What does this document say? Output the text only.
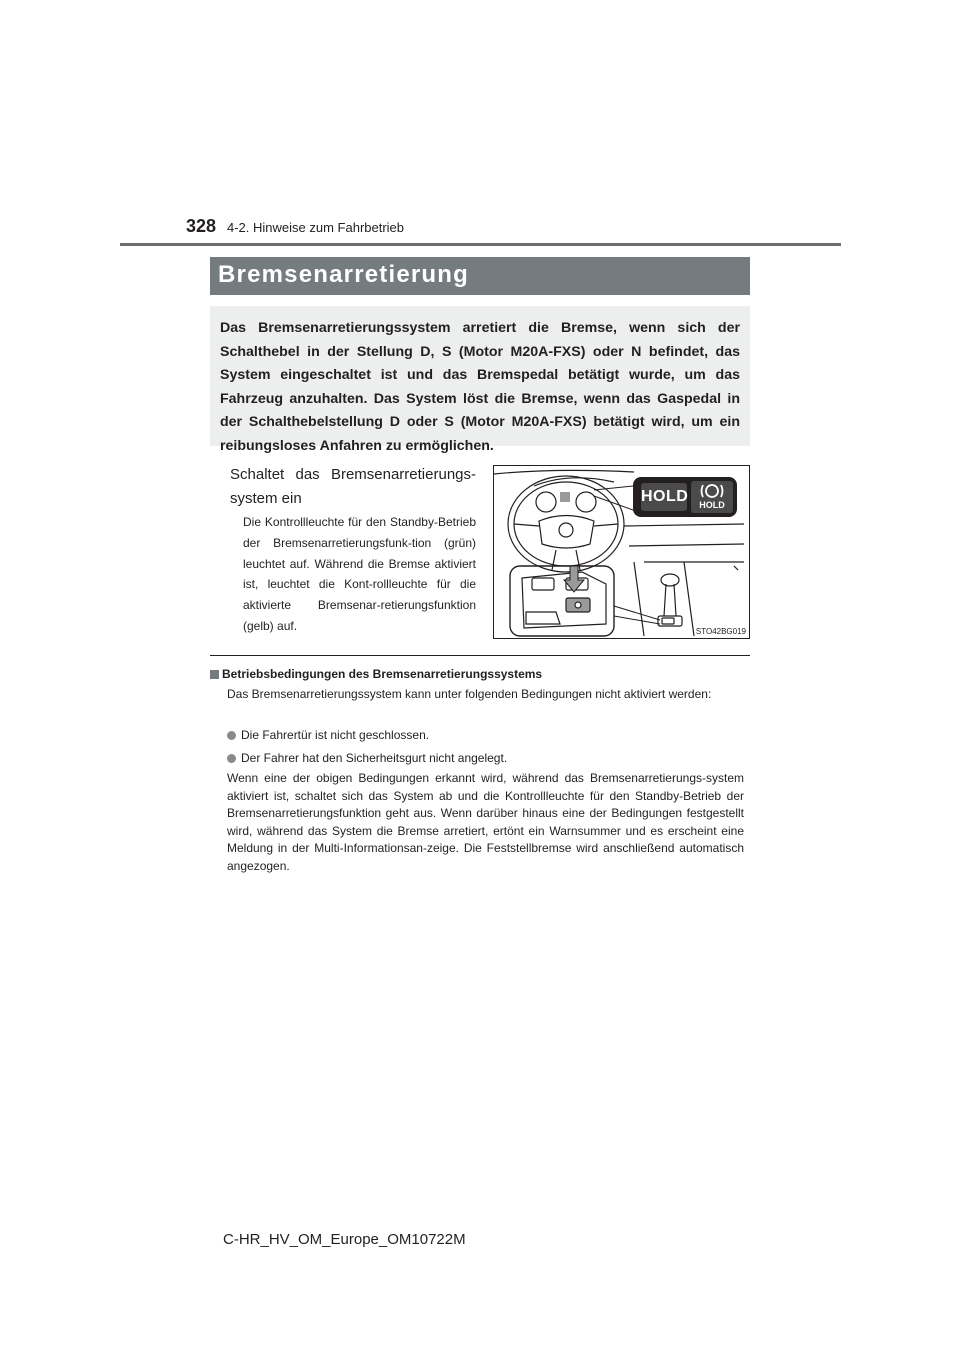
328 4-2. Hinweise zum Fahrbetrieb
Bremsenarretierung
Das Bremsenarretierungssystem arretiert die Bremse, wenn sich der Schalthebel in der Stellung D, S (Motor M20A-FXS) oder N befindet, das System eingeschaltet ist und das Bremspedal betätigt wurde, um das Fahrzeug anzuhalten. Das System löst die Bremse, wenn das Gaspedal in der Schalthebelstellung D oder S (Motor M20A-FXS) betätigt wird, um ein reibungsloses Anfahren zu ermöglichen.
Schaltet das Bremsenarretierungs-system ein
Die Kontrollleuchte für den Standby-Betrieb der Bremsenarretierungsfunk-tion (grün) leuchtet auf. Während die Bremse aktiviert ist, leuchtet die Kont-rollleuchte für die aktivierte Bremsenar-retierungsfunktion (gelb) auf.
HOLD	HOLD
STO42BG019
Betriebsbedingungen des Bremsenarretierungssystems
Das Bremsenarretierungssystem kann unter folgenden Bedingungen nicht aktiviert werden:
Die Fahrertür ist nicht geschlossen.
Der Fahrer hat den Sicherheitsgurt nicht angelegt.
Wenn eine der obigen Bedingungen erkannt wird, während das Bremsenarretierungs-system aktiviert ist, schaltet sich das System ab und die Kontrollleuchte für den Standby-Betrieb der Bremsenarretierungsfunktion geht aus. Wenn darüber hinaus eine der Bedingungen festgestellt wird, während das System die Bremse arretiert, ertönt ein Warnsummer und es erscheint eine Meldung in der Multi-Informationsan-zeige. Die Feststellbremse wird anschließend automatisch angezogen.
C-HR_HV_OM_Europe_OM10722M
